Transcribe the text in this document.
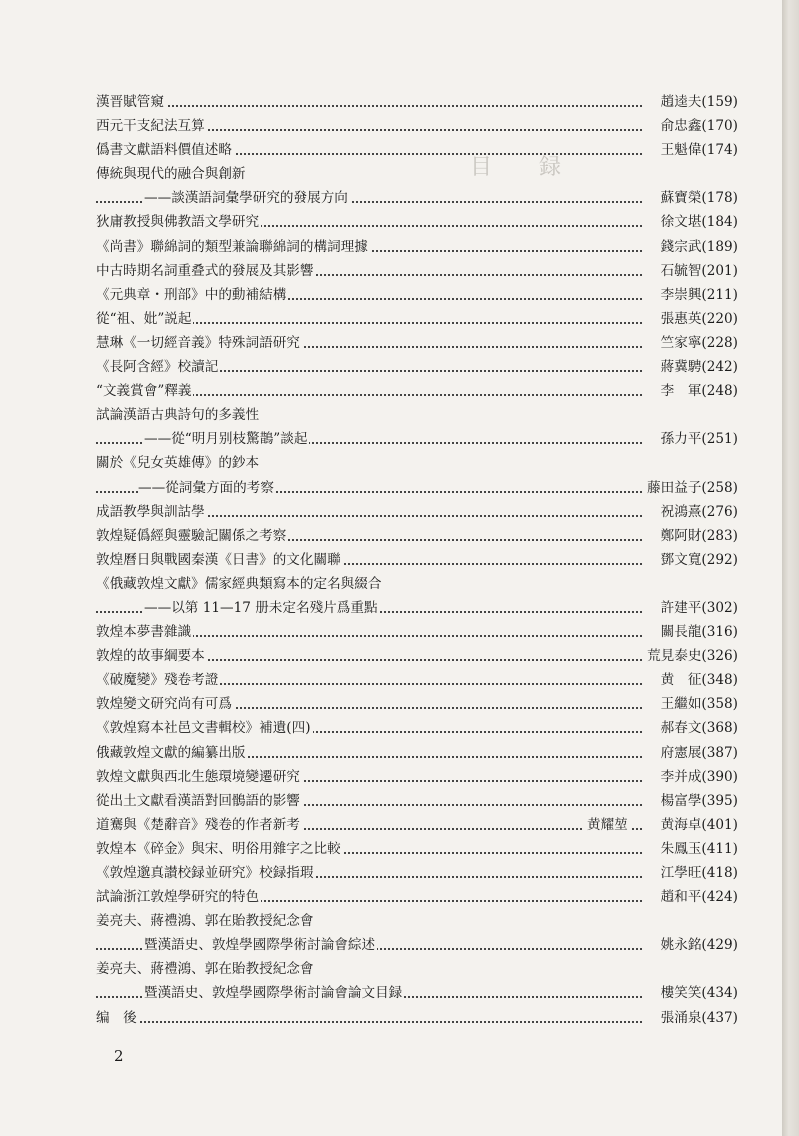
目 録
漢晋賦管窺	趙逵夫(159)
西元干支紀法互算	俞忠鑫(170)
僞書文獻語料價值述略	王魁偉(174)
傳統與現代的融合與創新
——談漢語詞彙學研究的發展方向	蘇寶榮(178)
狄庸教授與佛教語文學研究	徐文堪(184)
《尚書》聯綿詞的類型兼論聯綿詞的構詞理據	錢宗武(189)
中古時期名詞重叠式的發展及其影響	石毓智(201)
《元典章・刑部》中的動補結構	李崇興(211)
從“祖、妣”説起	張惠英(220)
慧琳《一切經音義》特殊詞語研究	竺家寧(228)
《長阿含經》校讀記	蔣冀騁(242)
“文義賞會”釋義	李　軍(248)
試論漢語古典詩句的多義性
——從“明月别枝驚鵲”談起	孫力平(251)
關於《兒女英雄傳》的鈔本
——從詞彙方面的考察	藤田益子(258)
成語教學與訓詁學	祝鴻熹(276)
敦煌疑僞經與靈驗記關係之考察	鄭阿財(283)
敦煌曆日與戰國秦漢《日書》的文化關聯	鄧文寬(292)
《俄藏敦煌文獻》儒家經典類寫本的定名與綴合
——以第 11—17 册未定名殘片爲重點	許建平(302)
敦煌本夢書雜識	關長龍(316)
敦煌的故事綱要本	荒見泰史(326)
《破魔變》殘卷考證	黄　征(348)
敦煌變文研究尚有可爲	王繼如(358)
《敦煌寫本社邑文書輯校》補遺(四)	郝春文(368)
俄藏敦煌文獻的編纂出版	府憲展(387)
敦煌文獻與西北生態環境變遷研究	李并成(390)
從出土文獻看漢語對回鶻語的影響	楊富學(395)
道騫與《楚辭音》殘卷的作者新考	黄耀堃 黄海卓(401)
敦煌本《碎金》與宋、明俗用雜字之比較	朱鳳玉(411)
《敦煌邈真讃校録並研究》校録指瑕	江學旺(418)
試論浙江敦煌學研究的特色	趙和平(424)
姜亮夫、蔣禮鴻、郭在貽教授紀念會
暨漢語史、敦煌學國際學術討論會綜述	姚永銘(429)
姜亮夫、蔣禮鴻、郭在貽教授紀念會
暨漢語史、敦煌學國際學術討論會論文目録	樓笑笑(434)
编　後	張涌泉(437)
2
